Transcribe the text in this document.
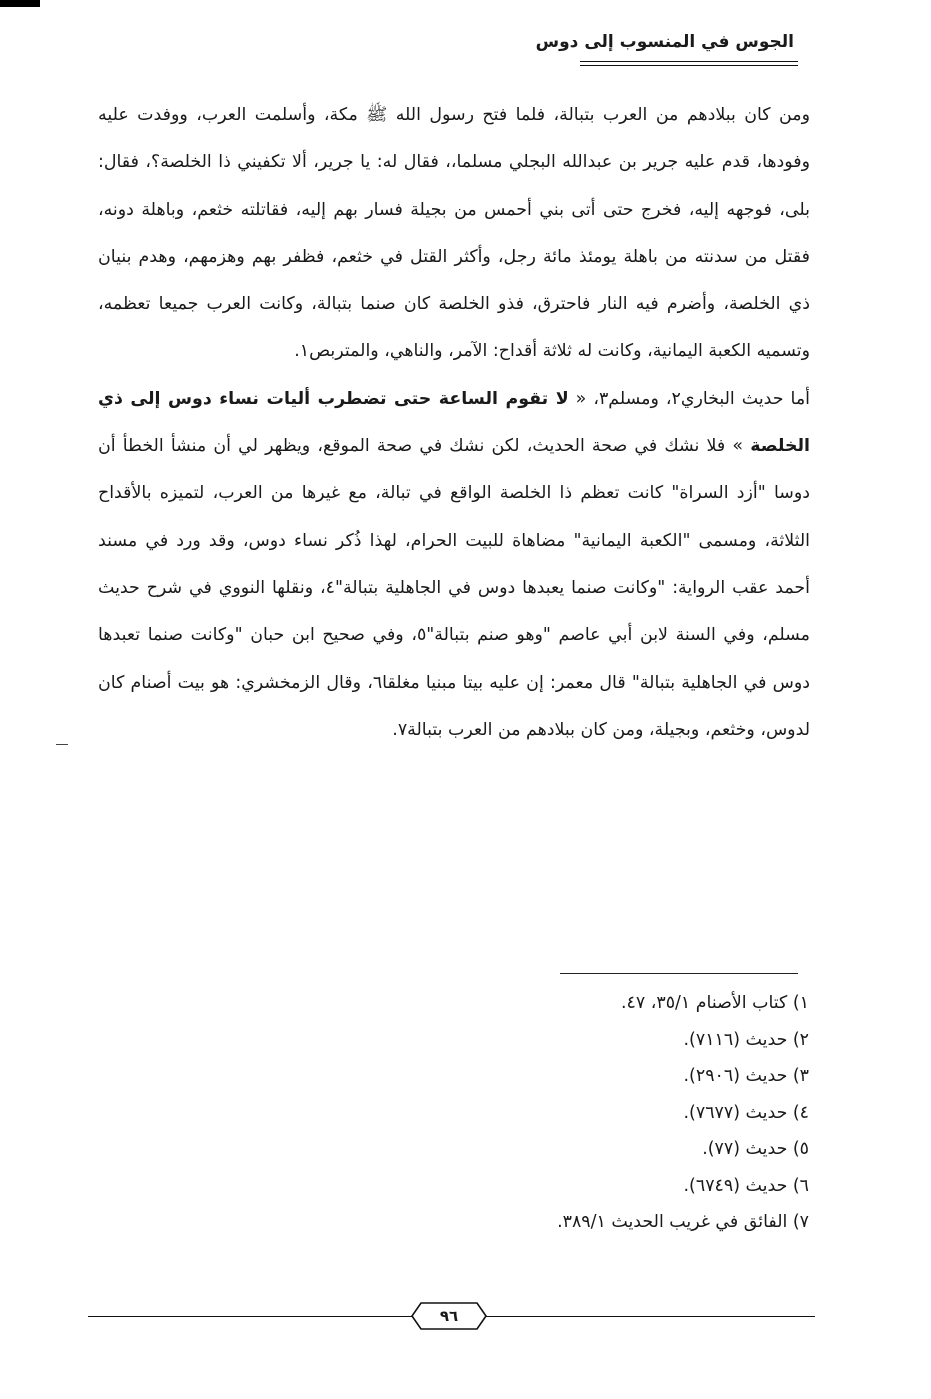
الجوس في المنسوب إلى دوس

ومن كان ببلادهم من العرب بتبالة، فلما فتح رسول الله ﷺ مكة، وأسلمت العرب، ووفدت عليه وفودها، قدم عليه جرير بن عبدالله البجلي مسلما،، فقال له: يا جرير، ألا تكفيني ذا الخلصة؟، فقال: بلى، فوجهه إليه، فخرج حتى أتى بني أحمس من بجيلة فسار بهم إليه، فقاتلته خثعم، وباهلة دونه، فقتل من سدنته من باهلة يومئذ مائة رجل، وأكثر القتل في خثعم، فظفر بهم وهزمهم، وهدم بنيان ذي الخلصة، وأضرم فيه النار فاحترق، فذو الخلصة كان صنما بتبالة، وكانت العرب جميعا تعظمه، وتسميه الكعبة اليمانية، وكانت له ثلاثة أقداح: الآمر، والناهي، والمتربص١.

أما حديث البخاري٢، ومسلم٣، « لا تقوم الساعة حتى تضطرب أليات نساء دوس إلى ذي الخلصة » فلا نشك في صحة الحديث، لكن نشك في صحة الموقع، ويظهر لي أن منشأ الخطأ أن دوسا "أزد السراة" كانت تعظم ذا الخلصة الواقع في تبالة، مع غيرها من العرب، لتميزه بالأقداح الثلاثة، ومسمى "الكعبة اليمانية" مضاهاة للبيت الحرام، لهذا ذُكر نساء دوس، وقد ورد في مسند أحمد عقب الرواية: "وكانت صنما يعبدها دوس في الجاهلية بتبالة"٤، ونقلها النووي في شرح حديث مسلم، وفي السنة لابن أبي عاصم "وهو صنم بتبالة"٥، وفي صحيح ابن حبان "وكانت صنما تعبدها دوس في الجاهلية بتبالة" قال معمر: إن عليه بيتا مبنيا مغلقا٦، وقال الزمخشري: هو بيت أصنام كان لدوس، وخثعم، وبجيلة، ومن كان ببلادهم من العرب بتبالة٧.

١) كتاب الأصنام ٣٥/١، ٤٧.
٢) حديث (٧١١٦).
٣) حديث (٢٩٠٦).
٤) حديث (٧٦٧٧).
٥) حديث (٧٧).
٦) حديث (٦٧٤٩).
٧) الفائق في غريب الحديث ٣٨٩/١.
٩٦
